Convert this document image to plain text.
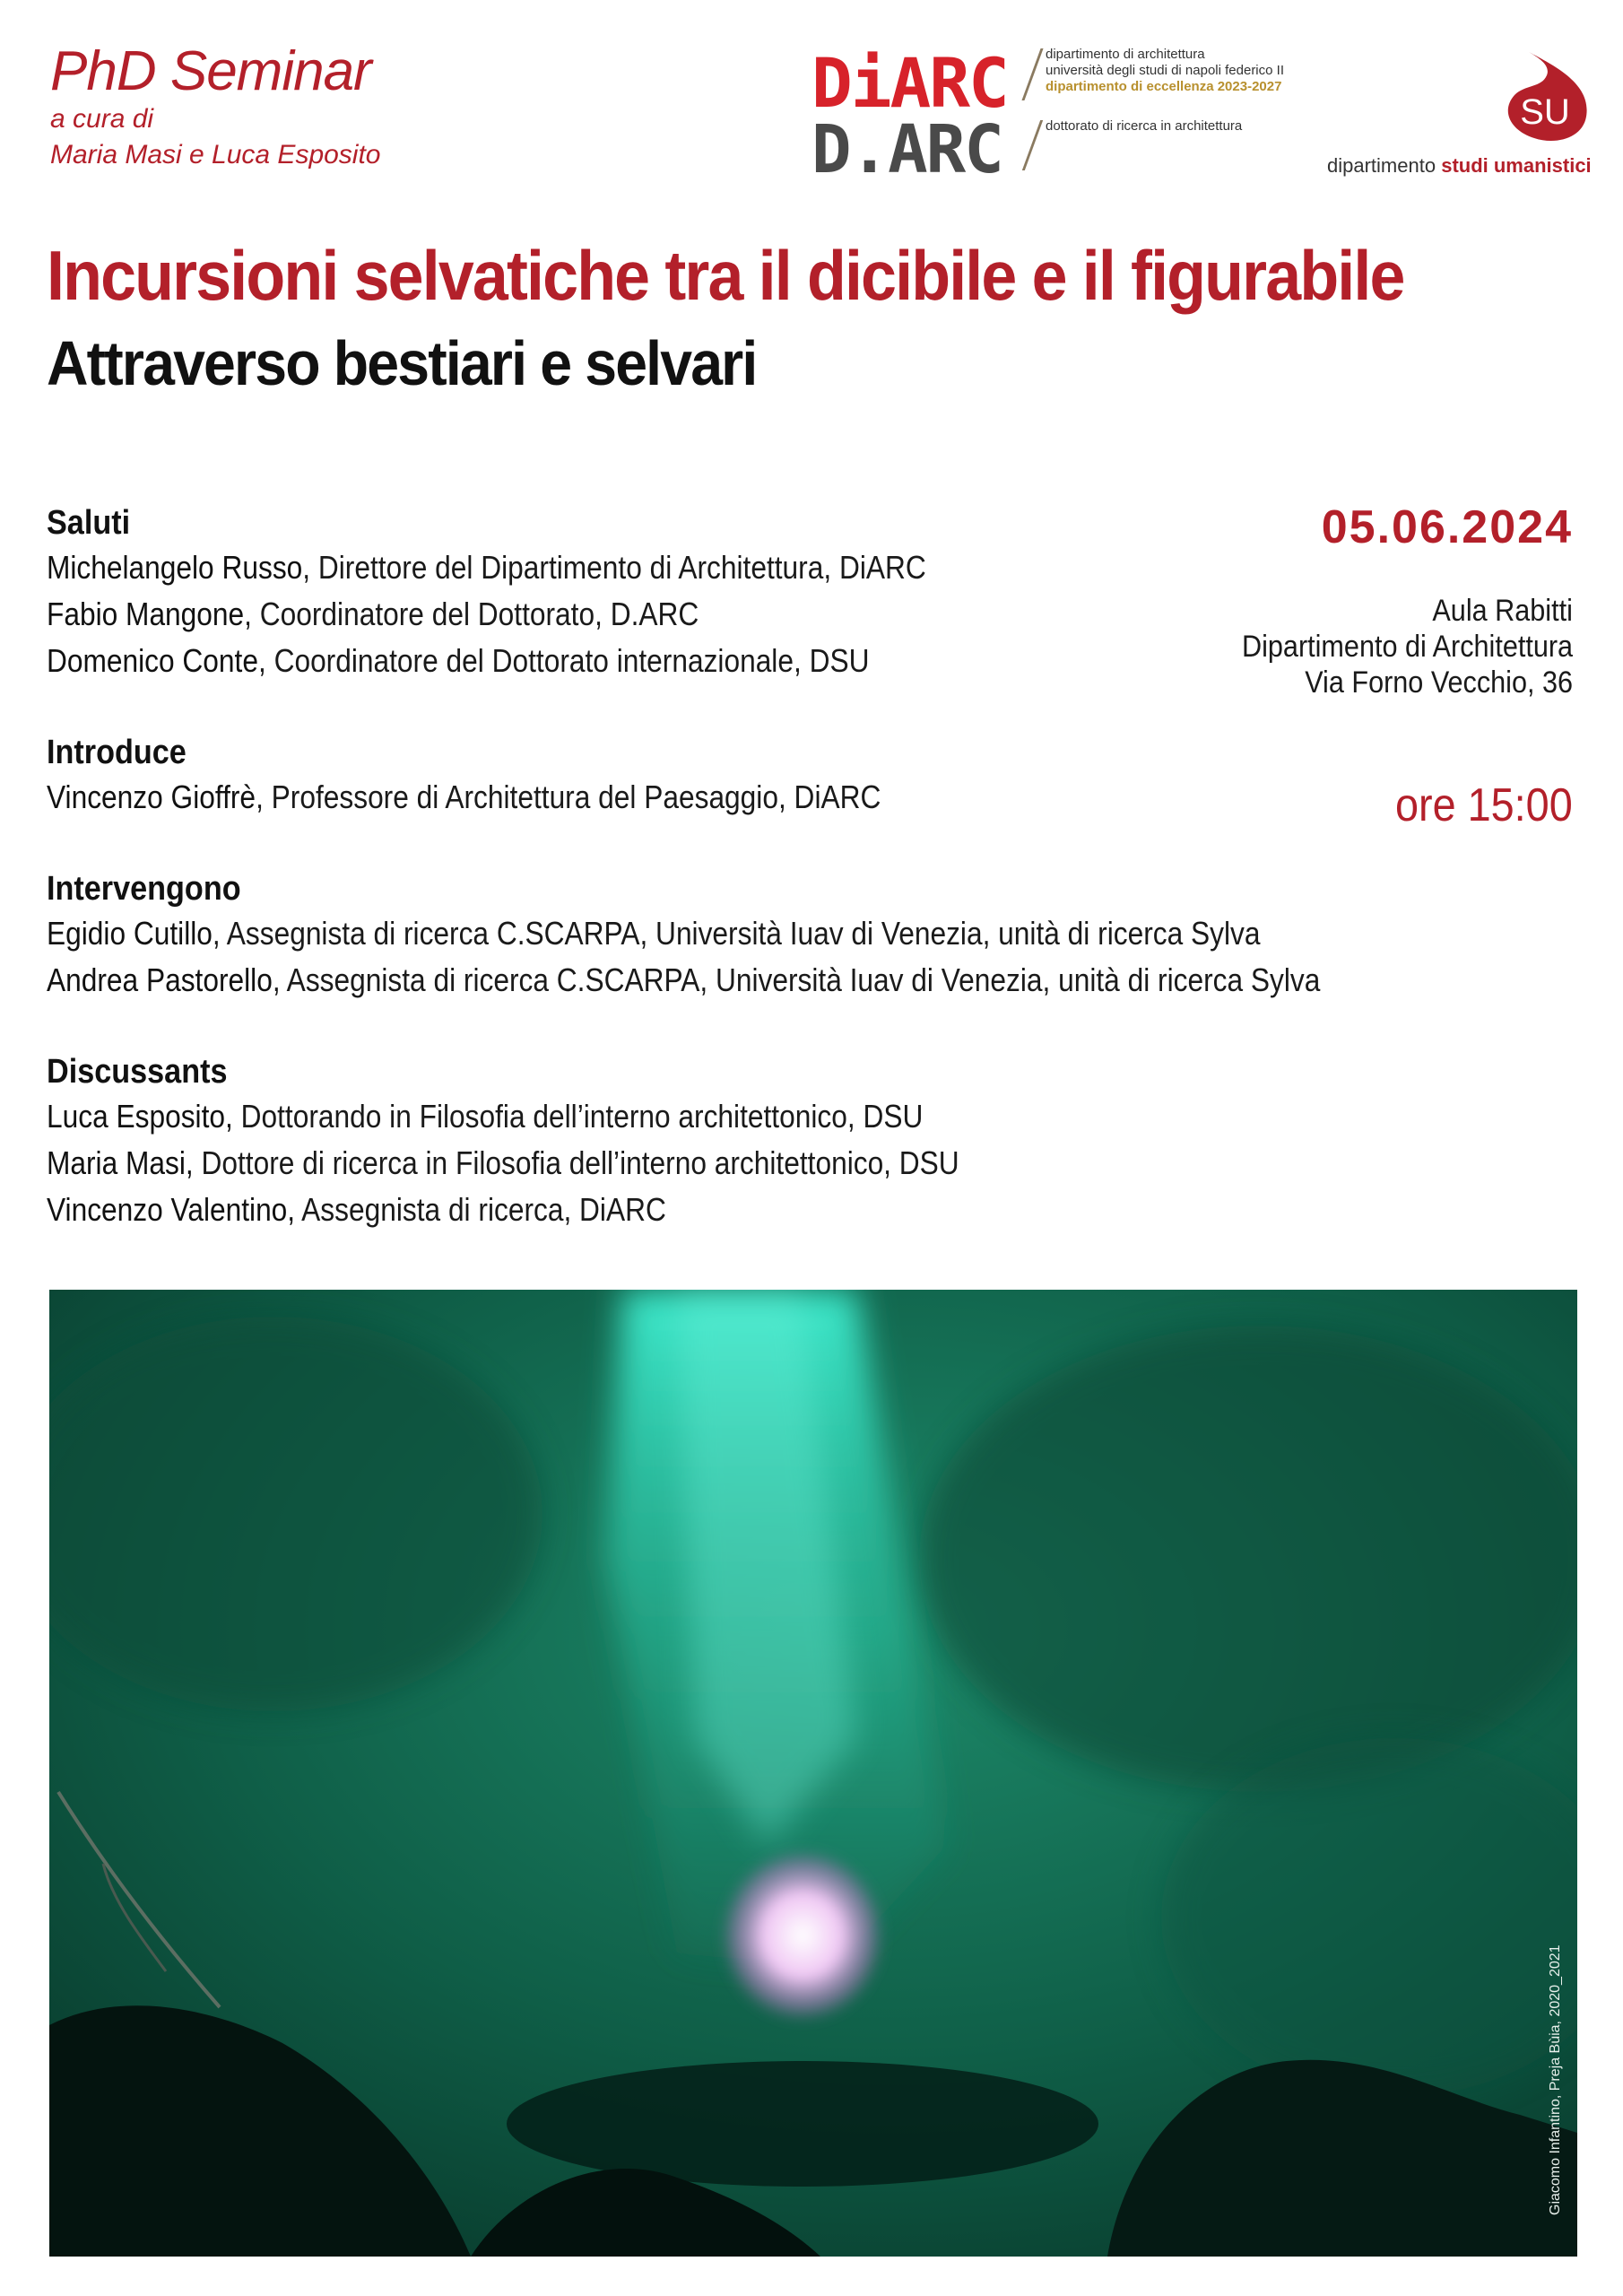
PhD Seminar
a cura di
Maria Masi e Luca Esposito
DiARC	dipartimento di architettura
università degli studi di napoli federico II
dipartimento di eccellenza 2023-2027
D.ARC	dottorato di ricerca in architettura	SU
dipartimento studi umanistici
Incursioni selvatiche tra il dicibile e il figurabile
Attraverso bestiari e selvari
Saluti
Michelangelo Russo, Direttore del Dipartimento di Architettura, DiARC
Fabio Mangone, Coordinatore del Dottorato, D.ARC
Domenico Conte, Coordinatore del Dottorato internazionale, DSU
Introduce
Vincenzo Gioffrè, Professore di Architettura del Paesaggio, DiARC
Intervengono
Egidio Cutillo, Assegnista di ricerca C.SCARPA, Università Iuav di Venezia, unità di ricerca Sylva
Andrea Pastorello, Assegnista di ricerca C.SCARPA, Università Iuav di Venezia, unità di ricerca Sylva
Discussants
Luca Esposito, Dottorando in Filosofia dell’interno architettonico, DSU
Maria Masi, Dottore di ricerca in Filosofia dell’interno architettonico, DSU
Vincenzo Valentino, Assegnista di ricerca, DiARC
05.06.2024
Aula Rabitti
Dipartimento di Architettura
Via Forno Vecchio, 36
ore 15:00
Giacomo Infantino, Preja Bùia, 2020_2021
